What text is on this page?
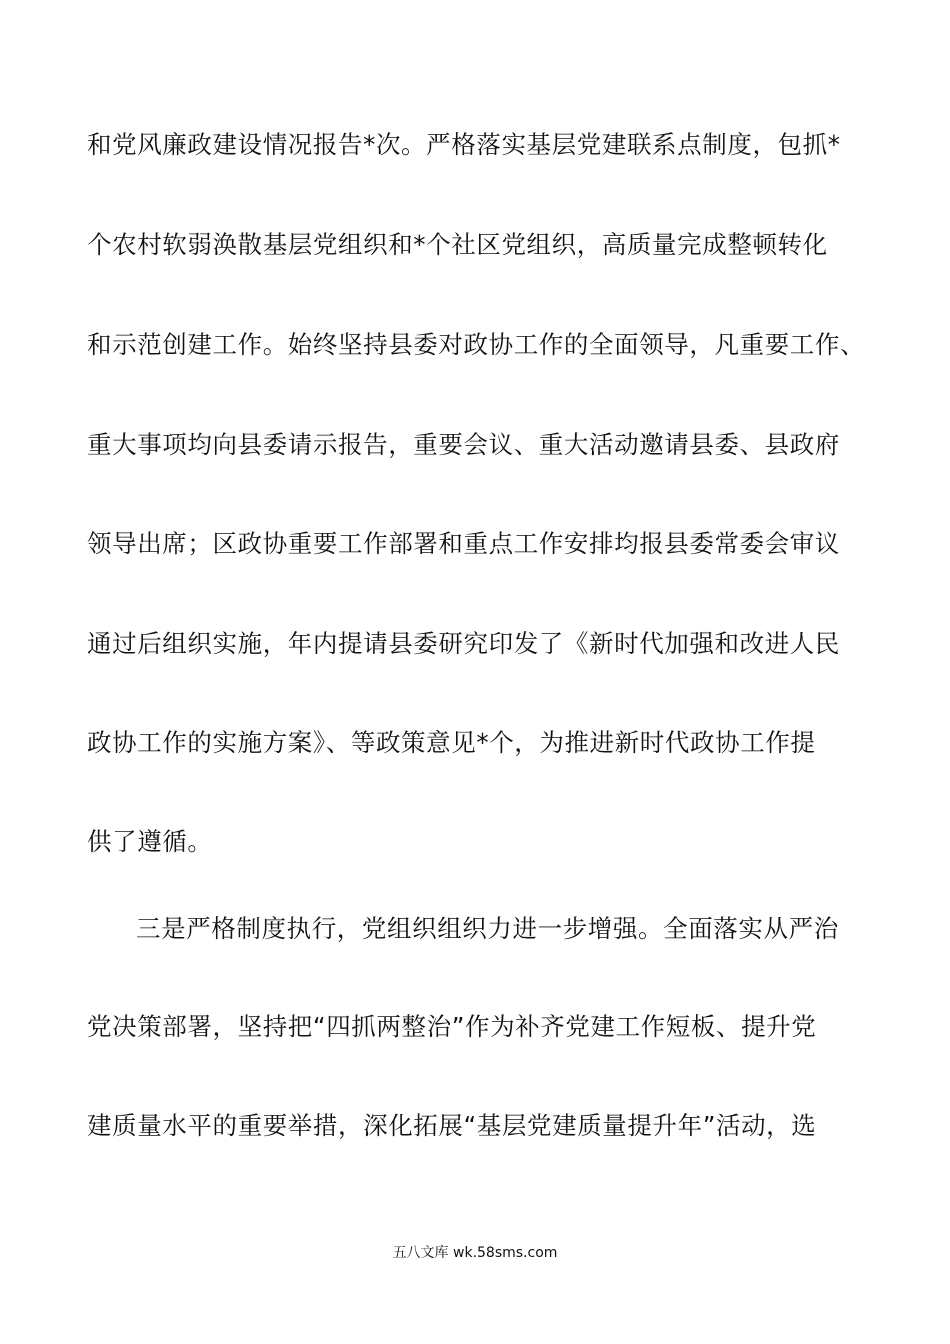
和党风廉政建设情况报告*次。严格落实基层党建联系点制度，包抓*
个农村软弱涣散基层党组织和*个社区党组织，高质量完成整顿转化
和示范创建工作。始终坚持县委对政协工作的全面领导，凡重要工作、
重大事项均向县委请示报告，重要会议、重大活动邀请县委、县政府
领导出席；区政协重要工作部署和重点工作安排均报县委常委会审议
通过后组织实施，年内提请县委研究印发了《新时代加强和改进人民
政协工作的实施方案》、等政策意见*个，为推进新时代政协工作提
供了遵循。
三是严格制度执行，党组织组织力进一步增强。全面落实从严治
党决策部署，坚持把“四抓两整治”作为补齐党建工作短板、提升党
建质量水平的重要举措，深化拓展“基层党建质量提升年”活动，选
五八文库 wk.58sms.com
